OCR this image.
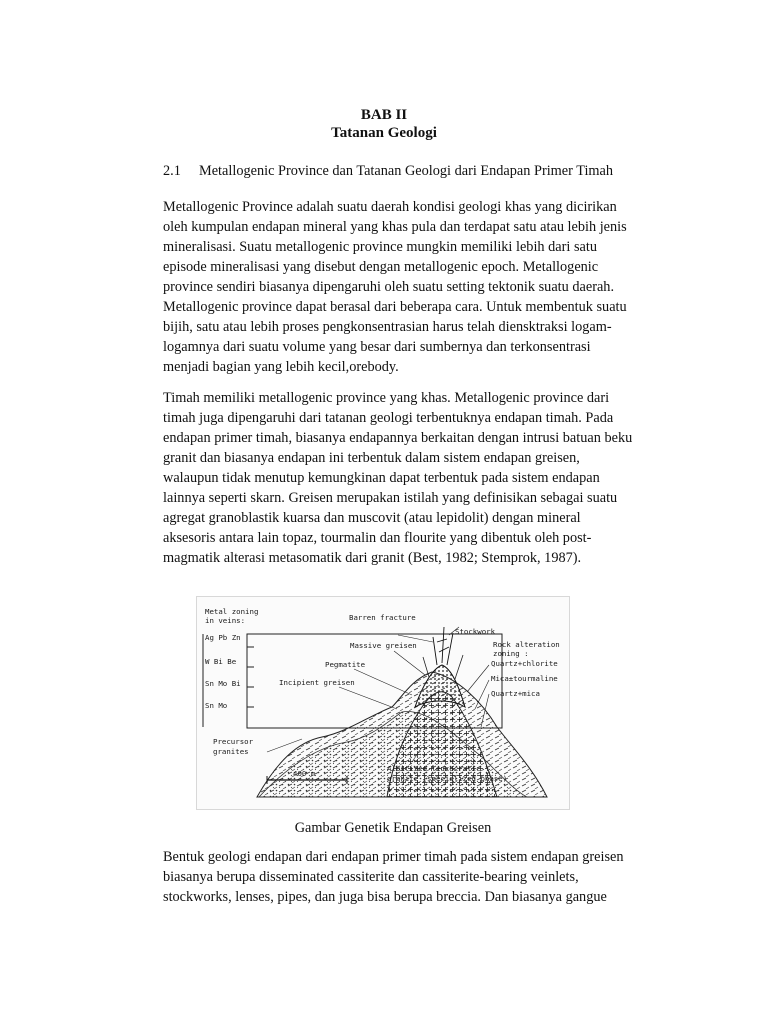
BAB II
Tatanan Geologi

2.1 Metallogenic Province dan Tatanan Geologi dari Endapan Primer Timah

Metallogenic Province adalah suatu daerah kondisi geologi khas yang dicirikan
oleh kumpulan endapan mineral yang khas pula dan terdapat satu atau lebih jenis
mineralisasi. Suatu metallogenic province mungkin memiliki lebih dari satu
episode mineralisasi yang disebut dengan metallogenic epoch. Metallogenic
province sendiri biasanya dipengaruhi oleh suatu setting tektonik suatu daerah.
Metallogenic province dapat berasal dari beberapa cara. Untuk membentuk suatu
bijih, satu atau lebih proses pengkonsentrasian harus telah diensktraksi logam-
logamnya dari suatu volume yang besar dari sumbernya dan terkonsentrasi
menjadi bagian yang lebih kecil,orebody.
Timah memiliki metallogenic province yang khas. Metallogenic province dari
timah juga dipengaruhi dari tatanan geologi terbentuknya endapan timah. Pada
endapan primer timah, biasanya endapannya berkaitan dengan intrusi batuan beku
granit dan biasanya endapan ini terbentuk dalam sistem endapan greisen,
walaupun tidak menutup kemungkinan dapat terbentuk pada sistem endapan
lainnya seperti skarn. Greisen merupakan istilah yang definisikan sebagai suatu
agregat granoblastik kuarsa dan muscovit (atau lepidolit) dengan mineral
aksesoris antara lain topaz, tourmalin dan flourite yang dibentuk oleh post-
magmatik alterasi metasomatik dari granit (Best, 1982; Stemprok, 1987).
Metal zoning
in veins:
Ag Pb Zn
W Bi Be
Sn Mo Bi
Sn Mo
Barren fracture
Stockwork
Massive greisen
Pegmatite
Incipient greisen
Rock alteration
zoning :
Quartz+chlorite
Mica±tourmaline
Quartz+mica
Precursor
granites
400 m
Albitized leucocratic
granite (specialized phase)

Gambar Genetik Endapan Greisen

Bentuk geologi endapan dari endapan primer timah pada sistem endapan greisen
biasanya berupa disseminated cassiterite dan cassiterite-bearing veinlets,
stockworks, lenses, pipes, dan juga bisa berupa breccia. Dan biasanya gangue
